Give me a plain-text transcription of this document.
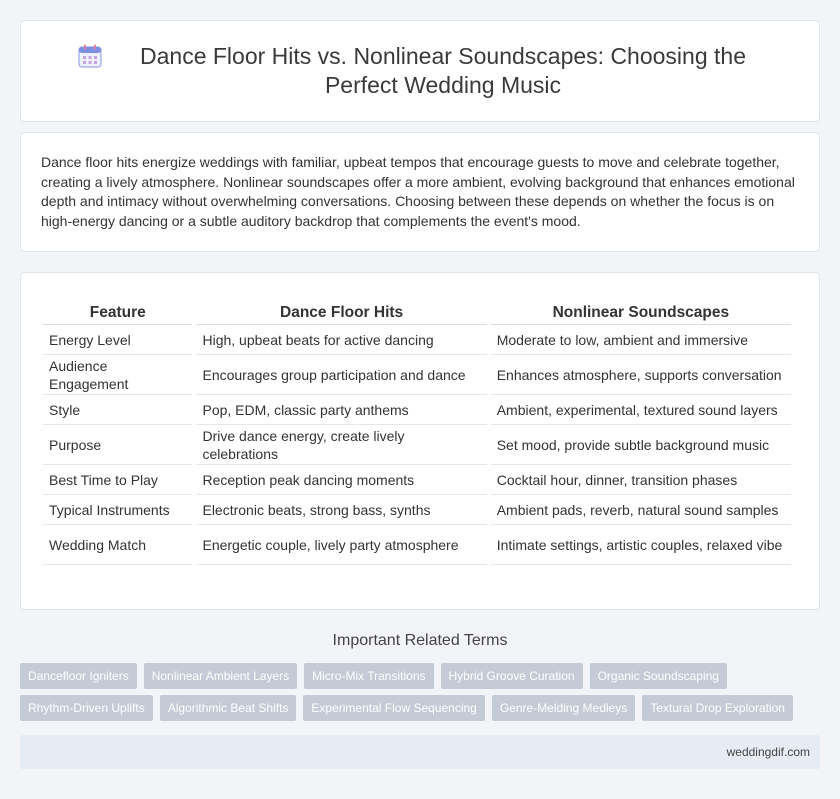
Dance Floor Hits vs. Nonlinear Soundscapes: Choosing the Perfect Wedding Music

Dance floor hits energize weddings with familiar, upbeat tempos that encourage guests to move and celebrate together, creating a lively atmosphere. Nonlinear soundscapes offer a more ambient, evolving background that enhances emotional depth and intimacy without overwhelming conversations. Choosing between these depends on whether the focus is on high-energy dancing or a subtle auditory backdrop that complements the event's mood.

Feature	Dance Floor Hits	Nonlinear Soundscapes
Energy Level	High, upbeat beats for active dancing	Moderate to low, ambient and immersive
Audience Engagement	Encourages group participation and dance	Enhances atmosphere, supports conversation
Style	Pop, EDM, classic party anthems	Ambient, experimental, textured sound layers
Purpose	Drive dance energy, create lively celebrations	Set mood, provide subtle background music
Best Time to Play	Reception peak dancing moments	Cocktail hour, dinner, transition phases
Typical Instruments	Electronic beats, strong bass, synths	Ambient pads, reverb, natural sound samples
Wedding Match	Energetic couple, lively party atmosphere	Intimate settings, artistic couples, relaxed vibe
Important Related Terms
Dancefloor Igniters	Nonlinear Ambient Layers	Micro-Mix Transitions	Hybrid Groove Curation	Organic Soundscaping
Rhythm-Driven Uplifts	Algorithmic Beat Shifts	Experimental Flow Sequencing	Genre-Melding Medleys	Textural Drop Exploration
weddingdif.com
